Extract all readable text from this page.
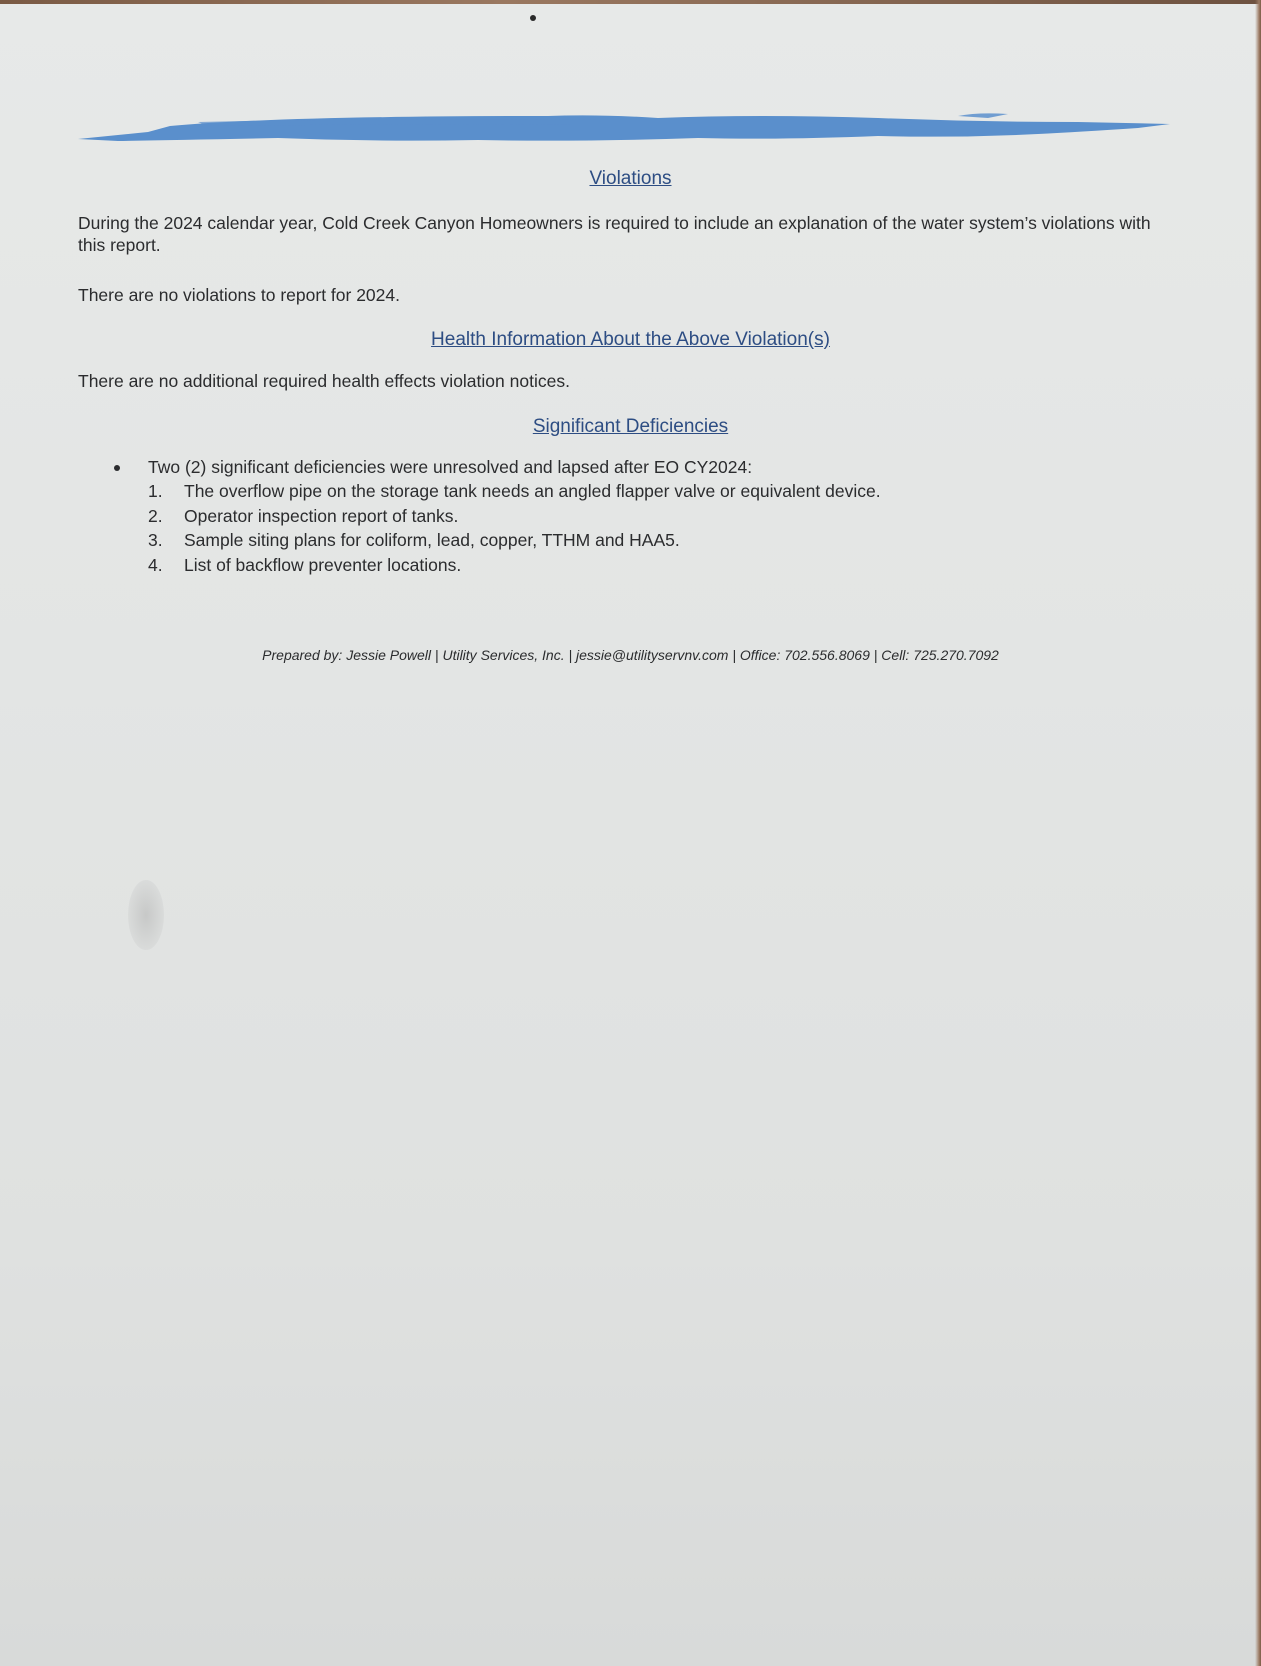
Violations
During the 2024 calendar year, Cold Creek Canyon Homeowners is required to include an explanation of the water system’s violations with this report.
There are no violations to report for 2024.
Health Information About the Above Violation(s)
There are no additional required health effects violation notices.
Significant Deficiencies
Two (2) significant deficiencies were unresolved and lapsed after EO CY2024:
1. The overflow pipe on the storage tank needs an angled flapper valve or equivalent device.
2. Operator inspection report of tanks.
3. Sample siting plans for coliform, lead, copper, TTHM and HAA5.
4. List of backflow preventer locations.
Prepared by: Jessie Powell | Utility Services, Inc. | jessie@utilityservnv.com | Office: 702.556.8069 | Cell: 725.270.7092
